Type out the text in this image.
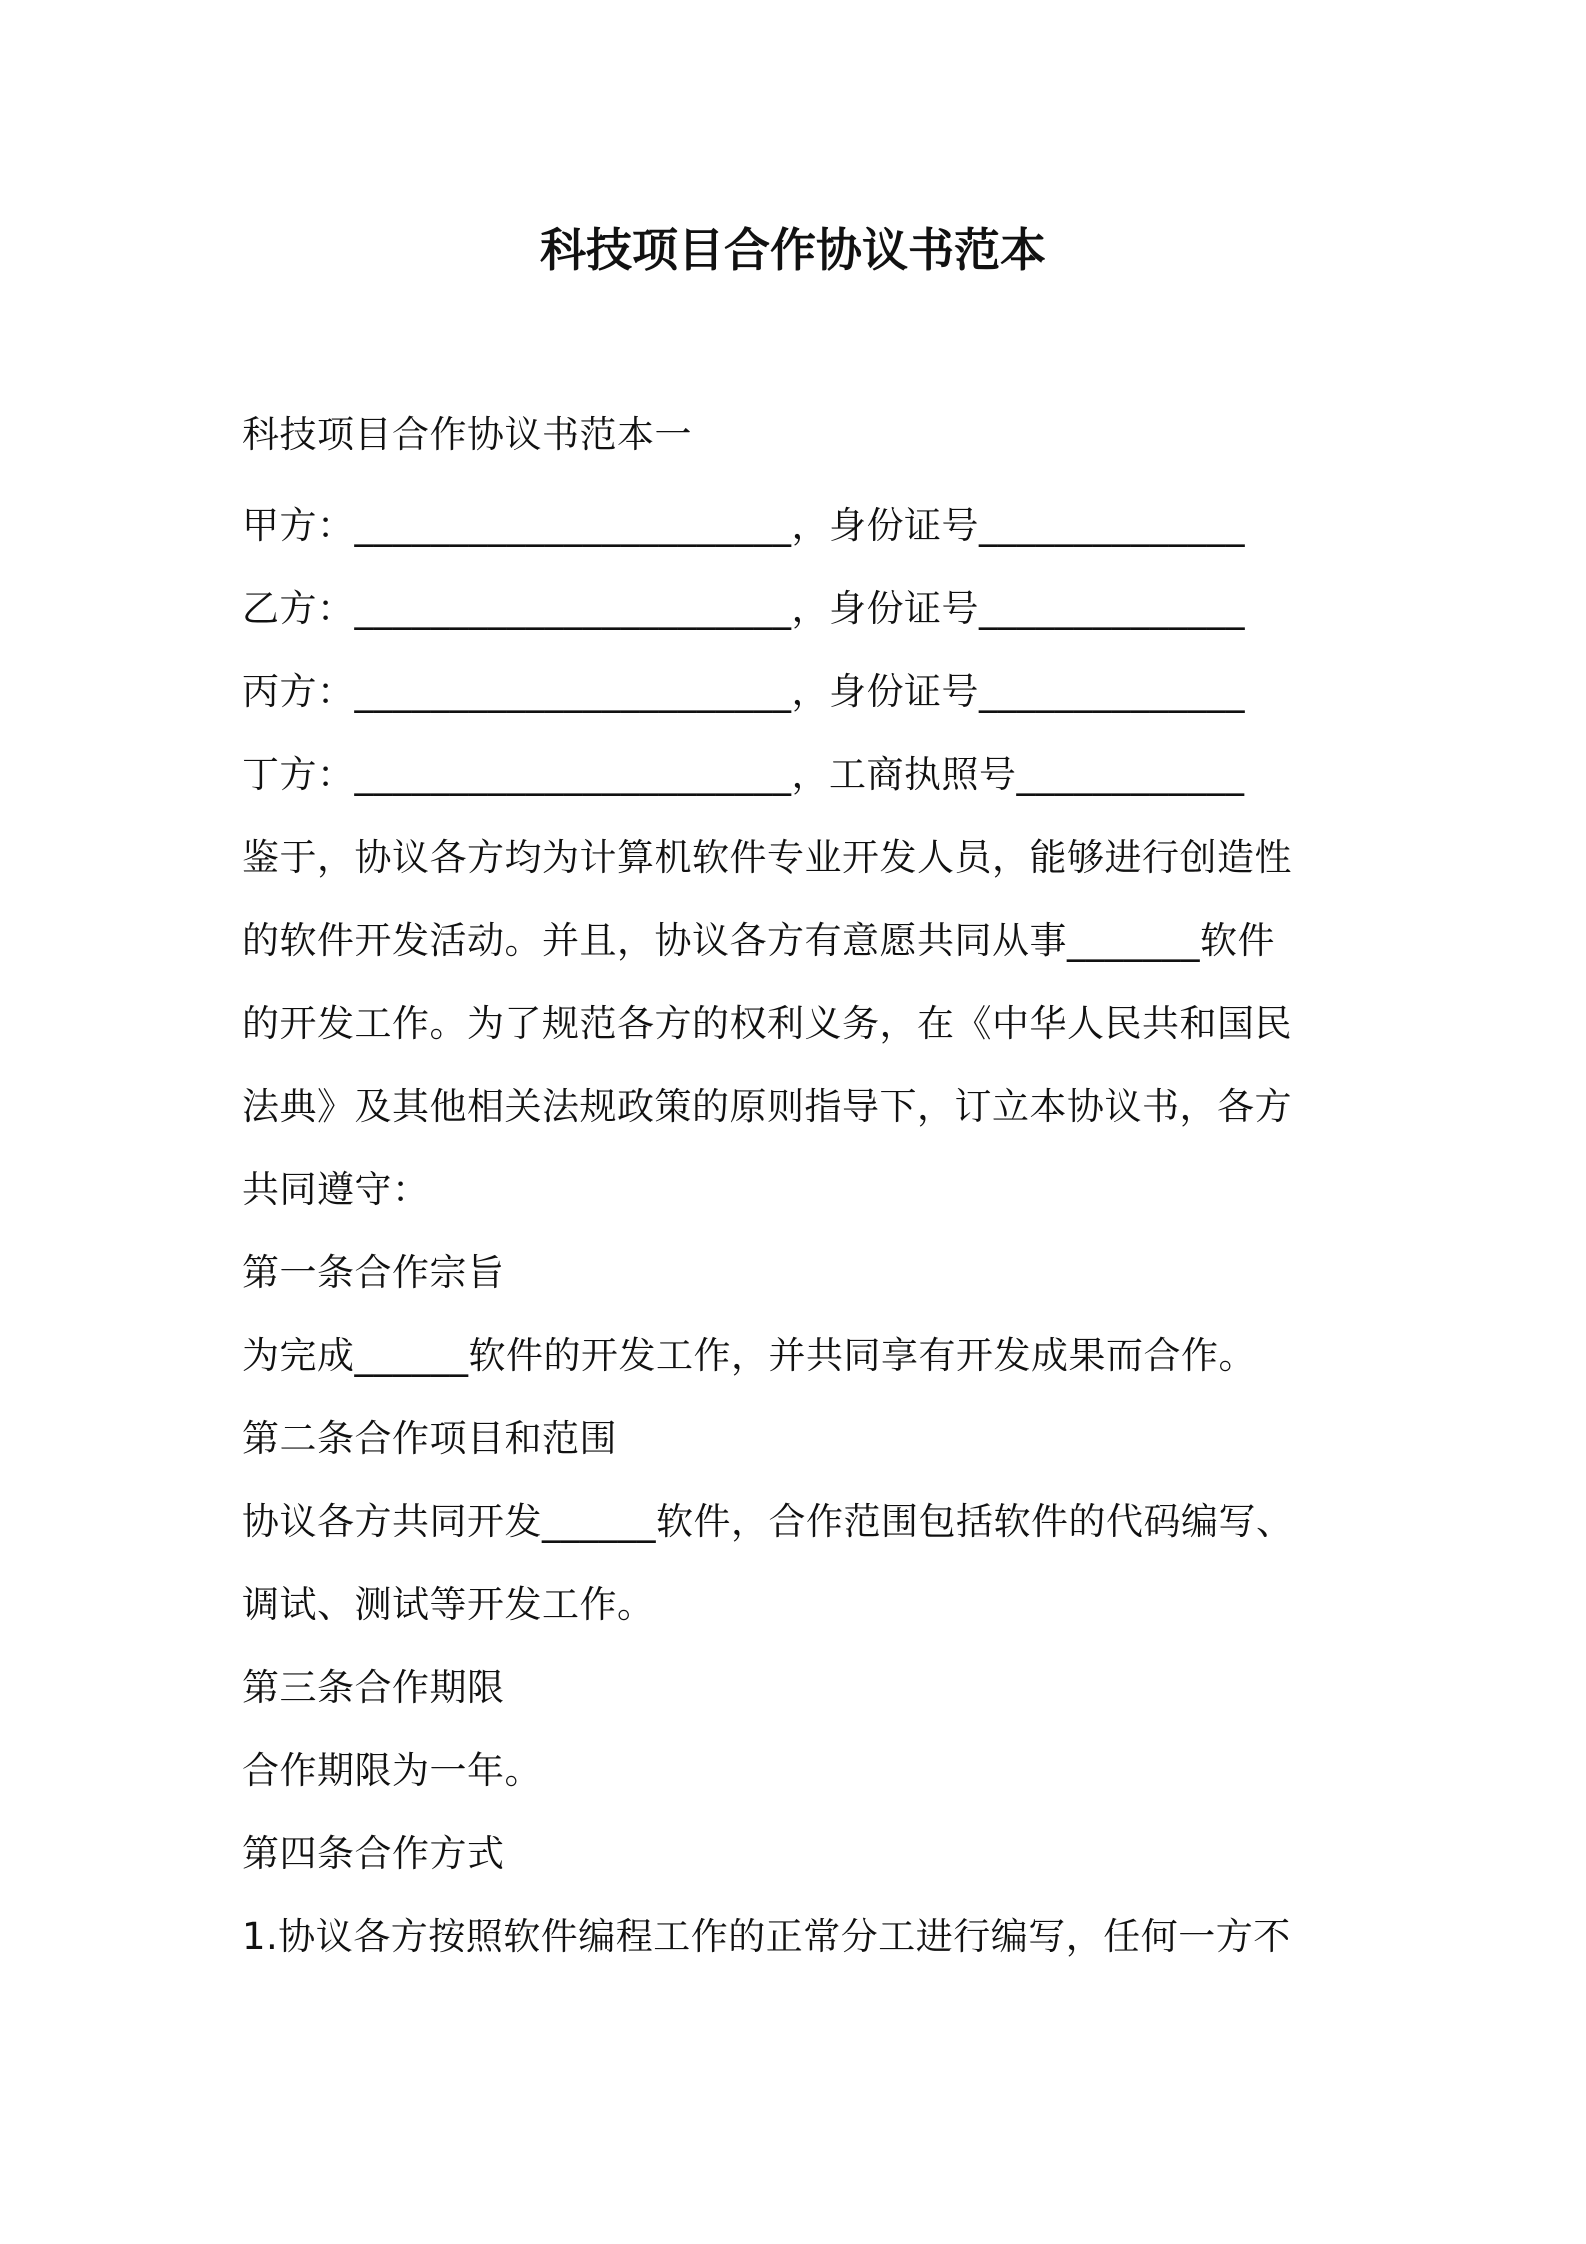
科技项目合作协议书范本
科技项目合作协议书范本一
甲方：_______________________，身份证号______________
乙方：_______________________，身份证号______________
丙方：_______________________，身份证号______________
丁方：_______________________，工商执照号____________
鉴于，协议各方均为计算机软件专业开发人员，能够进行创造性
的软件开发活动。并且，协议各方有意愿共同从事_______软件
的开发工作。为了规范各方的权利义务，在《中华人民共和国民
法典》及其他相关法规政策的原则指导下，订立本协议书，各方
共同遵守：
第一条合作宗旨
为完成______软件的开发工作，并共同享有开发成果而合作。
第二条合作项目和范围
协议各方共同开发______软件，合作范围包括软件的代码编写、
调试、测试等开发工作。
第三条合作期限
合作期限为一年。
第四条合作方式
1.协议各方按照软件编程工作的正常分工进行编写，任何一方不
